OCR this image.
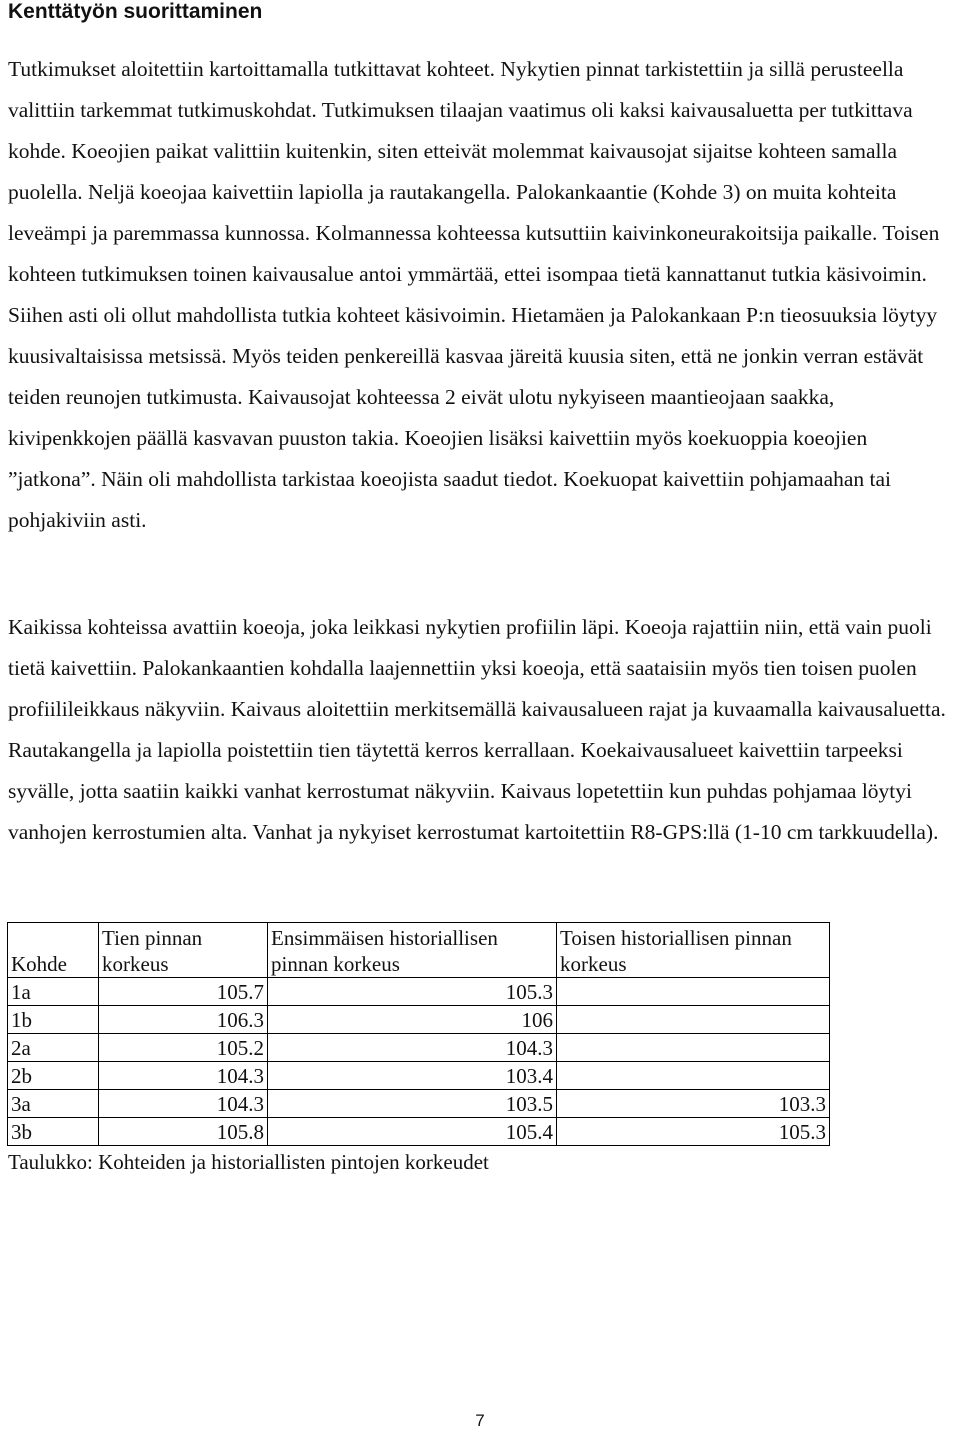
Kenttätyön suorittaminen

Tutkimukset aloitettiin kartoittamalla tutkittavat kohteet. Nykytien pinnat tarkistettiin ja sillä perusteella valittiin tarkemmat tutkimuskohdat. Tutkimuksen tilaajan vaatimus oli kaksi kaivausaluetta per tutkittava kohde. Koeojien paikat valittiin kuitenkin, siten etteivät molemmat kaivausojat sijaitse kohteen samalla puolella. Neljä koeojaa kaivettiin lapiolla ja rautakangella. Palokankaantie (Kohde 3) on muita kohteita leveämpi ja paremmassa kunnossa. Kolmannessa kohteessa kutsuttiin kaivinkoneurakoitsija paikalle. Toisen kohteen tutkimuksen toinen kaivausalue antoi ymmärtää, ettei isompaa tietä kannattanut tutkia käsivoimin. Siihen asti oli ollut mahdollista tutkia kohteet käsivoimin. Hietamäen ja Palokankaan P:n tieosuuksia löytyy kuusivaltaisissa metsissä. Myös teiden penkereillä kasvaa järeitä kuusia siten, että ne jonkin verran estävät teiden reunojen tutkimusta. Kaivausojat kohteessa 2 eivät ulotu nykyiseen maantieojaan saakka, kivipenkkojen päällä kasvavan puuston takia. Koeojien lisäksi kaivettiin myös koekuoppia koeojien ”jatkona”. Näin oli mahdollista tarkistaa koeojista saadut tiedot. Koekuopat kaivettiin pohjamaahan tai pohjakiviin asti.

Kaikissa kohteissa avattiin koeoja, joka leikkasi nykytien profiilin läpi. Koeoja rajattiin niin, että vain puoli tietä kaivettiin. Palokankaantien kohdalla laajennettiin yksi koeoja, että saataisiin myös tien toisen puolen profiilileikkaus näkyviin. Kaivaus aloitettiin merkitsemällä kaivausalueen rajat ja kuvaamalla kaivausaluetta. Rautakangella ja lapiolla poistettiin tien täytettä kerros kerrallaan. Koekaivausalueet kaivettiin tarpeeksi syvälle, jotta saatiin kaikki vanhat kerrostumat näkyviin. Kaivaus lopetettiin kun puhdas pohjamaa löytyi vanhojen kerrostumien alta. Vanhat ja nykyiset kerrostumat kartoitettiin R8-GPS:llä (1-10 cm tarkkuudella).

Kohde	Tien pinnan korkeus	Ensimmäisen historiallisen pinnan korkeus	Toisen historiallisen pinnan korkeus
1a	105.7	105.3	
1b	106.3	106	
2a	105.2	104.3	
2b	104.3	103.4	
3a	104.3	103.5	103.3
3b	105.8	105.4	105.3

Taulukko: Kohteiden ja historiallisten pintojen korkeudet

7
